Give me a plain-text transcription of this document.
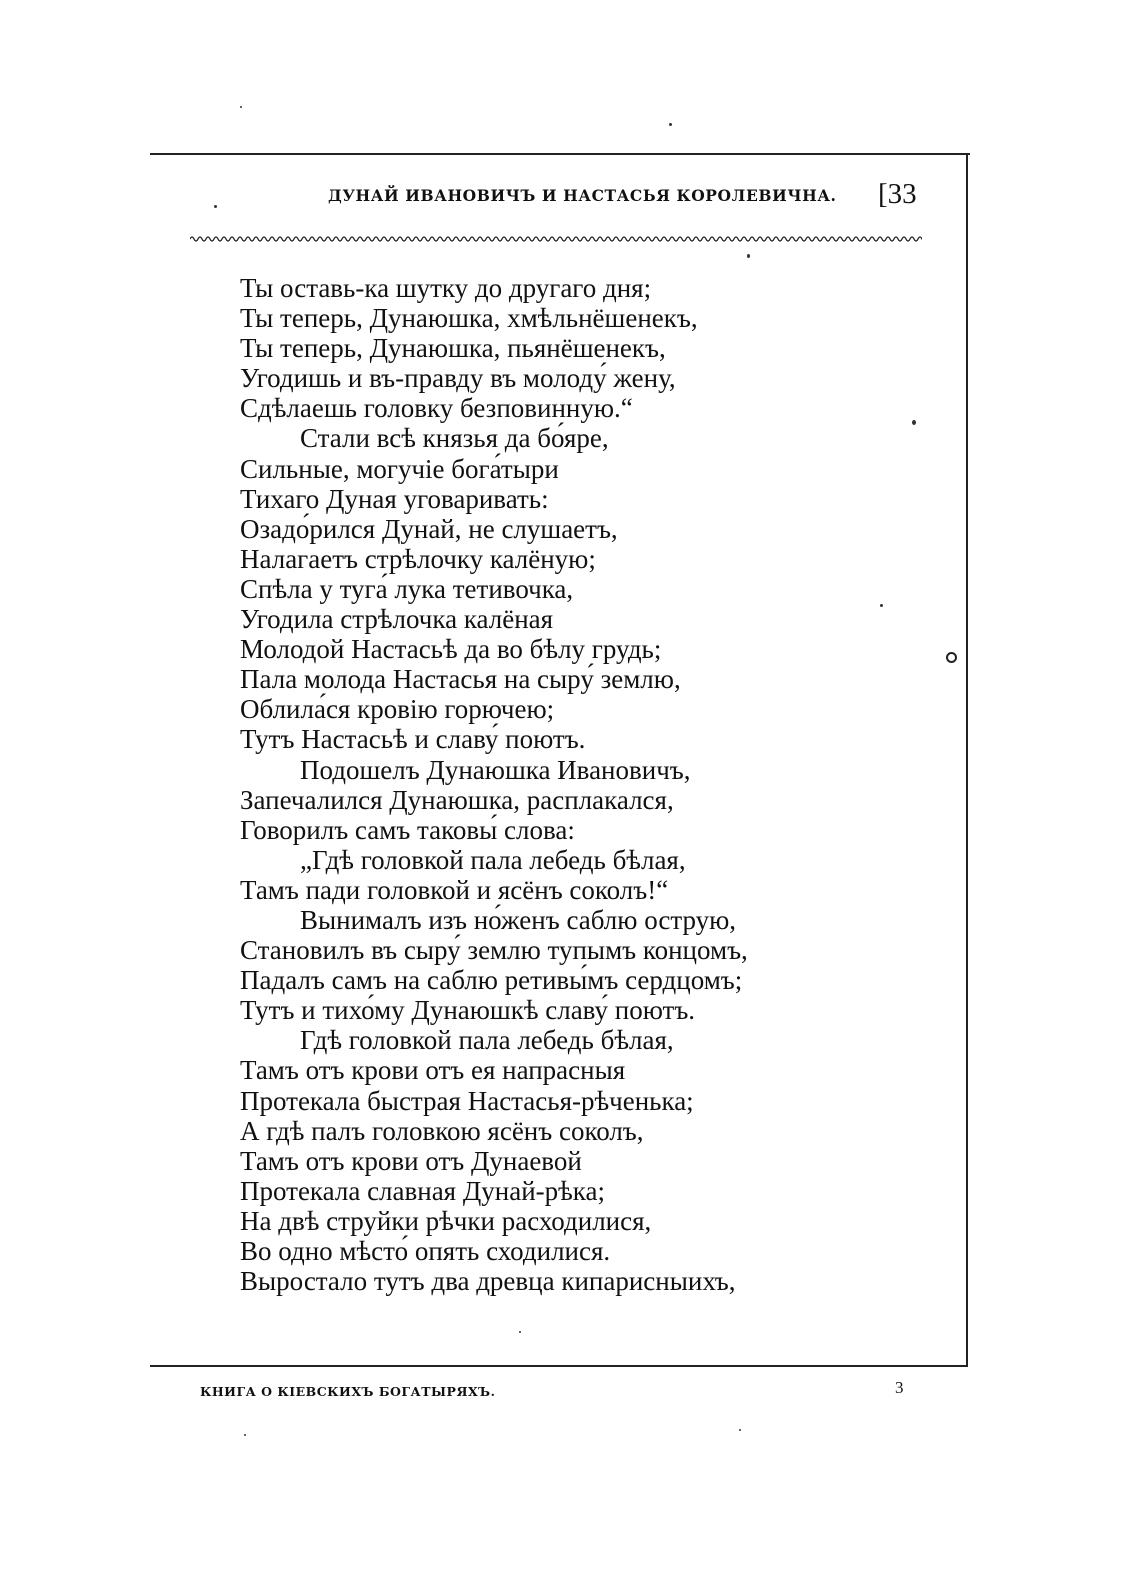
ДУНАЙ ИВАНОВИЧЪ И НАСТАСЬЯ КОРОЛЕВИЧНА. [33
Ты оставь-ка шутку до другаго дня;
Ты теперь, Дунаюшка, хмѣльнёшенекъ,
Ты теперь, Дунаюшка, пьянёшенекъ,
Угодишь и въ-правду въ молоду́ жену,
Сдѣлаешь головку безповинную.“
Стали всѣ князья да бо́яре,
Сильные, могучіе бога́тыри
Тихаго Дуная уговаривать:
Озадо́рился Дунай, не слушаетъ,
Налагаетъ стрѣлочку калёную;
Спѣла у туга́ лука тетивочка,
Угодила стрѣлочка калёная
Молодой Настасьѣ да во бѣлу грудь;
Пала молода Настасья на сыру́ землю,
Облила́ся кровію горючею;
Тутъ Настасьѣ и славу́ поютъ.
Подошелъ Дунаюшка Ивановичъ,
Запечалился Дунаюшка, расплакался,
Говорилъ самъ таковы́ слова:
„Гдѣ головкой пала лебедь бѣлая,
Тамъ пади головкой и ясёнъ соколъ!“
Вынималъ изъ но́женъ саблю острую,
Становилъ въ сыру́ землю тупымъ концомъ,
Падалъ самъ на саблю ретивы́мъ сердцомъ;
Тутъ и тихо́му Дунаюшкѣ славу́ поютъ.
Гдѣ головкой пала лебедь бѣлая,
Тамъ отъ крови отъ ея напрасныя
Протекала быстрая Настасья-рѣченька;
А гдѣ палъ головкою ясёнъ соколъ,
Тамъ отъ крови отъ Дунаевой
Протекала славная Дунай-рѣка;
На двѣ струйки рѣчки расходилися,
Во одно мѣсто́ опять сходилися.
Выростало тутъ два древца кипарисныихъ,
КНИГА О КІЕВСКИХЪ БОГАТЫРЯХЪ.	3
